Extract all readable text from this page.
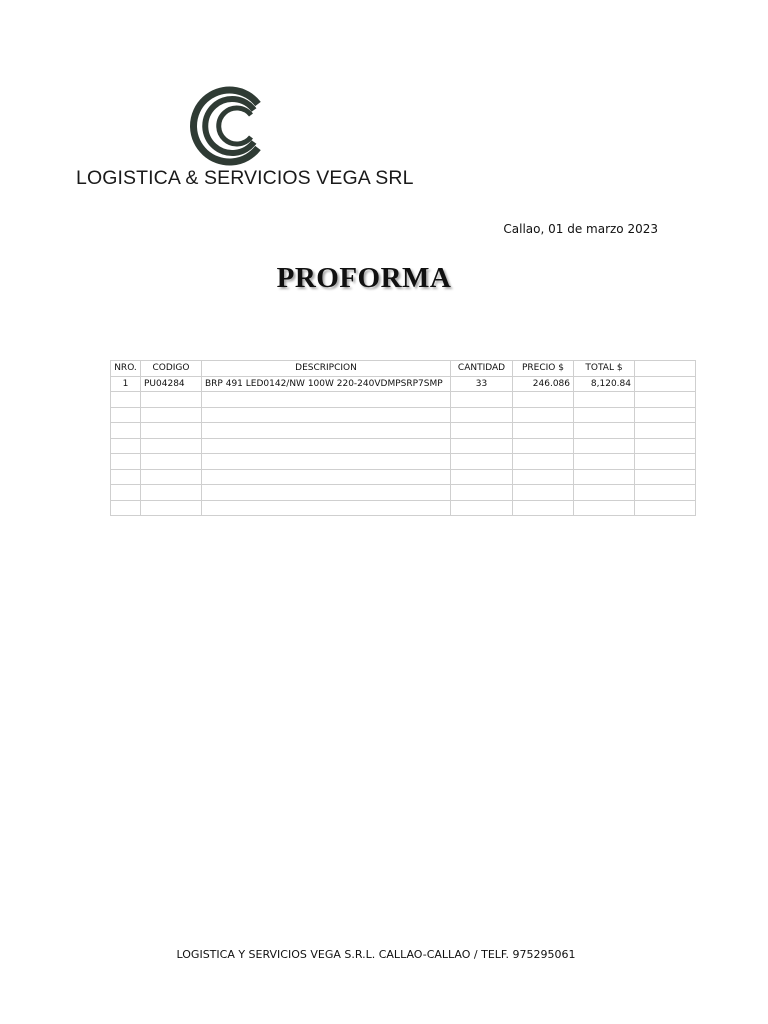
LOGISTICA & SERVICIOS VEGA SRL
Callao, 01 de marzo 2023
PROFORMA
NRO.	CODIGO	DESCRIPCION	CANTIDAD	PRECIO $	TOTAL $	
1	PU04284	BRP 491 LED0142/NW 100W 220-240VDMPSRP7SMP	33	246.086	8,120.84	

LOGISTICA Y SERVICIOS VEGA S.R.L. CALLAO-CALLAO / TELF. 975295061
